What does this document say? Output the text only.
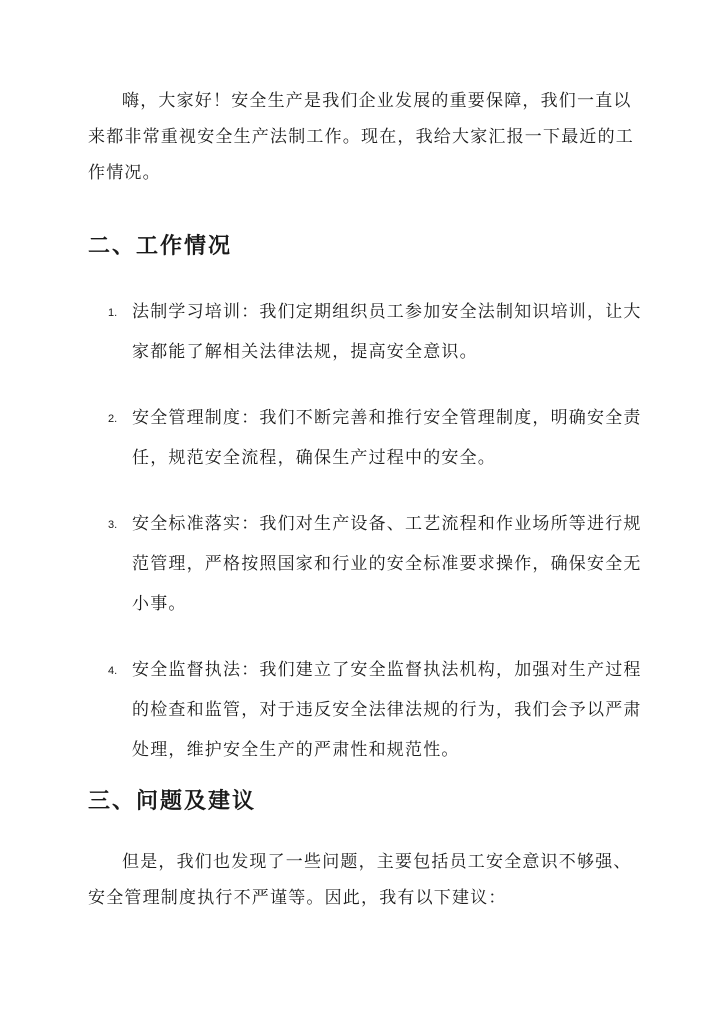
嗨，大家好！安全生产是我们企业发展的重要保障，我们一直以来都非常重视安全生产法制工作。现在，我给大家汇报一下最近的工作情况。

二、工作情况
1. 法制学习培训：我们定期组织员工参加安全法制知识培训，让大家都能了解相关法律法规，提高安全意识。
2. 安全管理制度：我们不断完善和推行安全管理制度，明确安全责任，规范安全流程，确保生产过程中的安全。
3. 安全标准落实：我们对生产设备、工艺流程和作业场所等进行规范管理，严格按照国家和行业的安全标准要求操作，确保安全无小事。
4. 安全监督执法：我们建立了安全监督执法机构，加强对生产过程的检查和监管，对于违反安全法律法规的行为，我们会予以严肃处理，维护安全生产的严肃性和规范性。
三、问题及建议

但是，我们也发现了一些问题，主要包括员工安全意识不够强、安全管理制度执行不严谨等。因此，我有以下建议：
